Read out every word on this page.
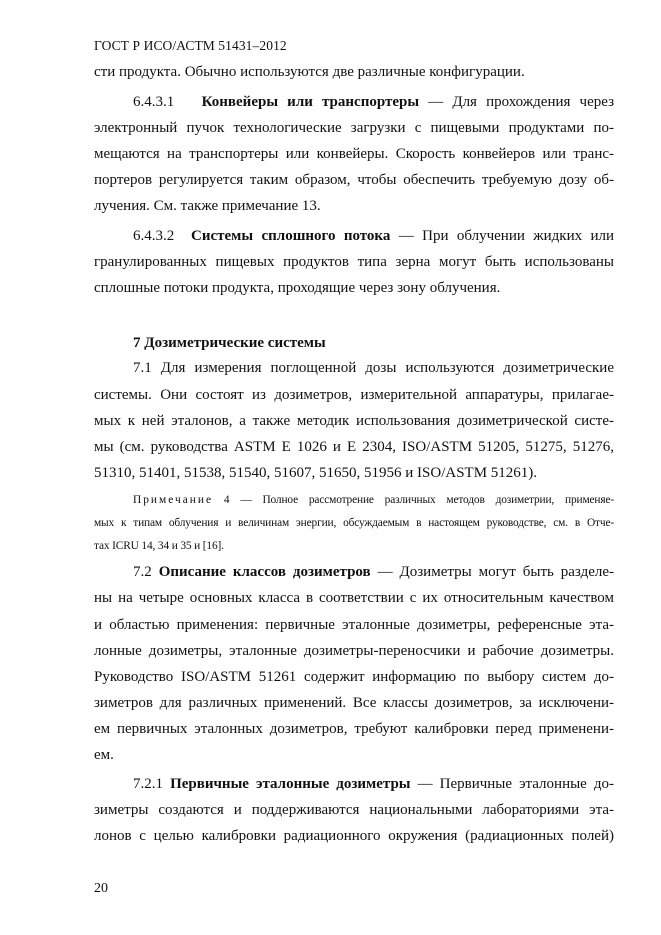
ГОСТ Р ИСО/АСТМ 51431–2012
сти продукта. Обычно используются две различные конфигурации.
6.4.3.1 Конвейеры или транспортеры — Для прохождения через
электронный пучок технологические загрузки с пищевыми продуктами по-
мещаются на транспортеры или конвейеры. Скорость конвейеров или транс-
портеров регулируется таким образом, чтобы обеспечить требуемую дозу об-
лучения. См. также примечание 13.
6.4.3.2 Системы сплошного потока — При облучении жидких или
гранулированных пищевых продуктов типа зерна могут быть использованы
сплошные потоки продукта, проходящие через зону облучения.
7 Дозиметрические системы
7.1 Для измерения поглощенной дозы используются дозиметрические
системы. Они состоят из дозиметров, измерительной аппаратуры, прилагае-
мых к ней эталонов, а также методик использования дозиметрической систе-
мы (см. руководства ASTM E 1026 и E 2304, ISO/ASTM 51205, 51275, 51276,
51310, 51401, 51538, 51540, 51607, 51650, 51956 и ISO/ASTM 51261).
Примечание 4 — Полное рассмотрение различных методов дозиметрии, применяе-
мых к типам облучения и величинам энергии, обсуждаемым в настоящем руководстве, см. в Отче-
тах ICRU 14, 34 и 35 и [16].
7.2 Описание классов дозиметров — Дозиметры могут быть разделе-
ны на четыре основных класса в соответствии с их относительным качеством
и областью применения: первичные эталонные дозиметры, референсные эта-
лонные дозиметры, эталонные дозиметры-переносчики и рабочие дозиметры.
Руководство ISO/ASTM 51261 содержит информацию по выбору систем до-
зиметров для различных применений. Все классы дозиметров, за исключени-
ем первичных эталонных дозиметров, требуют калибровки перед применени-
ем.
7.2.1 Первичные эталонные дозиметры — Первичные эталонные до-
зиметры создаются и поддерживаются национальными лабораториями эта-
лонов с целью калибровки радиационного окружения (радиационных полей)
20
